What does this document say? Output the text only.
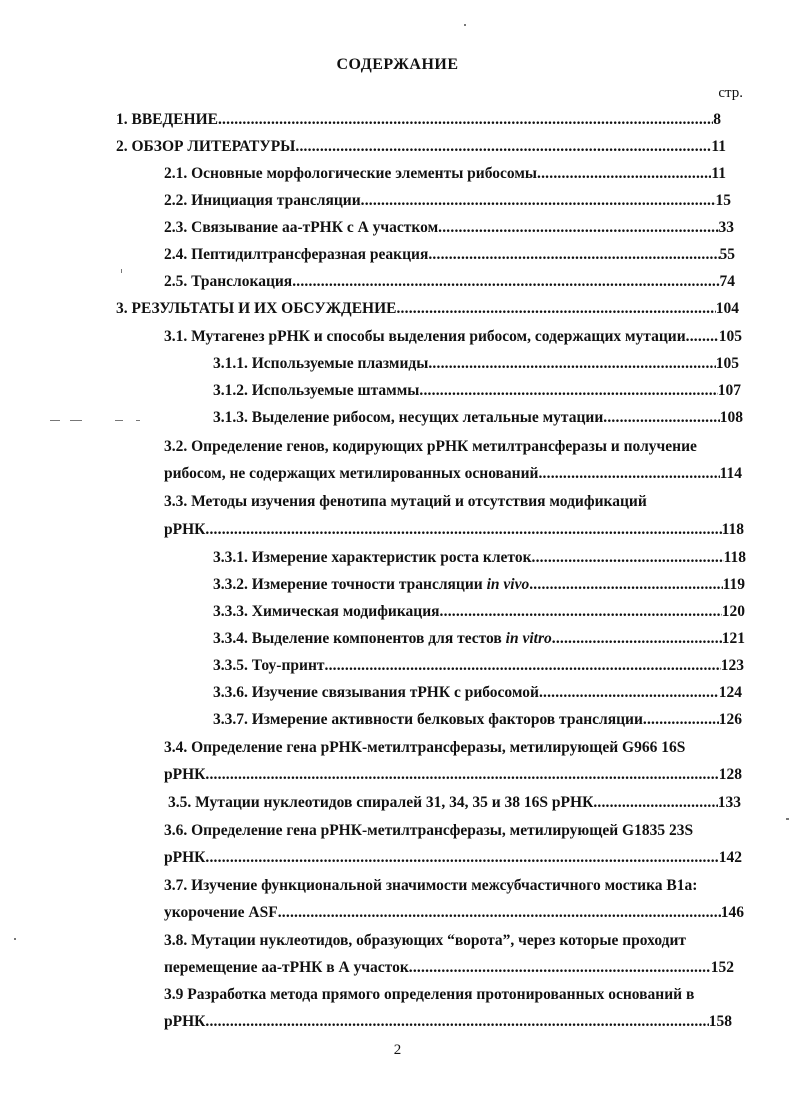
СОДЕРЖАНИЕ
стр.
1. ВВЕДЕНИЕ .....	8
2. ОБЗОР ЛИТЕРАТУРЫ .....	11
2.1. Основные морфологические элементы рибосомы .....	11
2.2. Инициация трансляции .....	15
2.3. Связывание аа-тРНК с А участком .....	33
2.4. Пептидилтрансферазная реакция .....	55
2.5. Транслокация .....	74
3. РЕЗУЛЬТАТЫ И ИХ ОБСУЖДЕНИЕ .....	104
3.1. Мутагенез рРНК и способы выделения рибосом, содержащих мутации ..... 105
3.1.1. Используемые плазмиды .....	105
3.1.2. Используемые штаммы .....	107
3.1.3. Выделение рибосом, несущих летальные мутации .....	108
3.2. Определение генов, кодирующих рРНК метилтрансферазы и получение
рибосом, не содержащих метилированных оснований .....	114
3.3. Методы изучения фенотипа мутаций и отсутствия модификаций
рРНК .....	118
3.3.1. Измерение характеристик роста клеток .....	118
3.3.2. Измерение точности трансляции in vivo .....	119
3.3.3. Химическая модификация .....	120
3.3.4. Выделение компонентов для тестов in vitro .....	121
3.3.5. Тоу-принт .....	123
3.3.6. Изучение связывания тРНК с рибосомой .....	124
3.3.7. Измерение активности белковых факторов трансляции .....	126
3.4. Определение гена рРНК-метилтрансферазы, метилирующей G966 16S
рРНК .....	128
3.5. Мутации нуклеотидов спиралей 31, 34, 35 и 38 16S рРНК .....	133
3.6. Определение гена рРНК-метилтрансферазы, метилирующей G1835 23S
рРНК .....	142
3.7. Изучение функциональной значимости межсубчастичного мостика B1a:
укорочение ASF .....	146
3.8. Мутации нуклеотидов, образующих “ворота”, через которые проходит
перемещение аа-тРНК в А участок .....	152
3.9 Разработка метода прямого определения протонированных оснований в
рРНК .....	158
2
